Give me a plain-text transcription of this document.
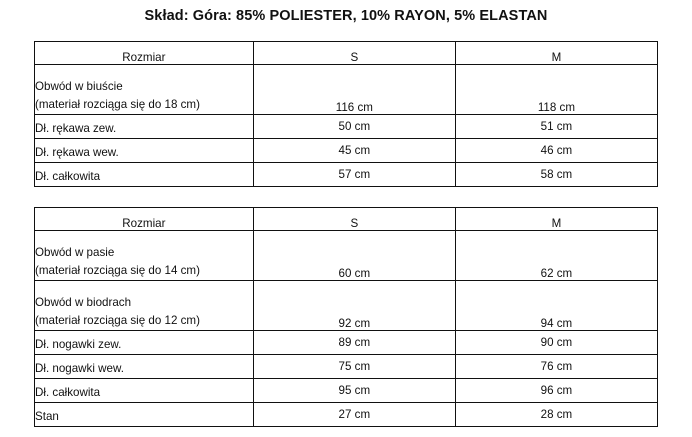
Skład: Góra: 85% POLIESTER, 10% RAYON, 5% ELASTAN
Rozmiar	S	M

Obwód w biuście
(materiał rozciąga się do 18 cm)	116 cm	118 cm

Dł. rękawa zew.	50 cm	51 cm

Dł. rękawa wew.	45 cm	46 cm

Dł. całkowita	57 cm	58 cm
Rozmiar	S	M

Obwód w pasie
(materiał rozciąga się do 14 cm)	60 cm	62 cm

Obwód w biodrach
(materiał rozciąga się do 12 cm)	92 cm	94 cm

Dł. nogawki zew.	89 cm	90 cm

Dł. nogawki wew.	75 cm	76 cm

Dł. całkowita	95 cm	96 cm

Stan	27 cm	28 cm
